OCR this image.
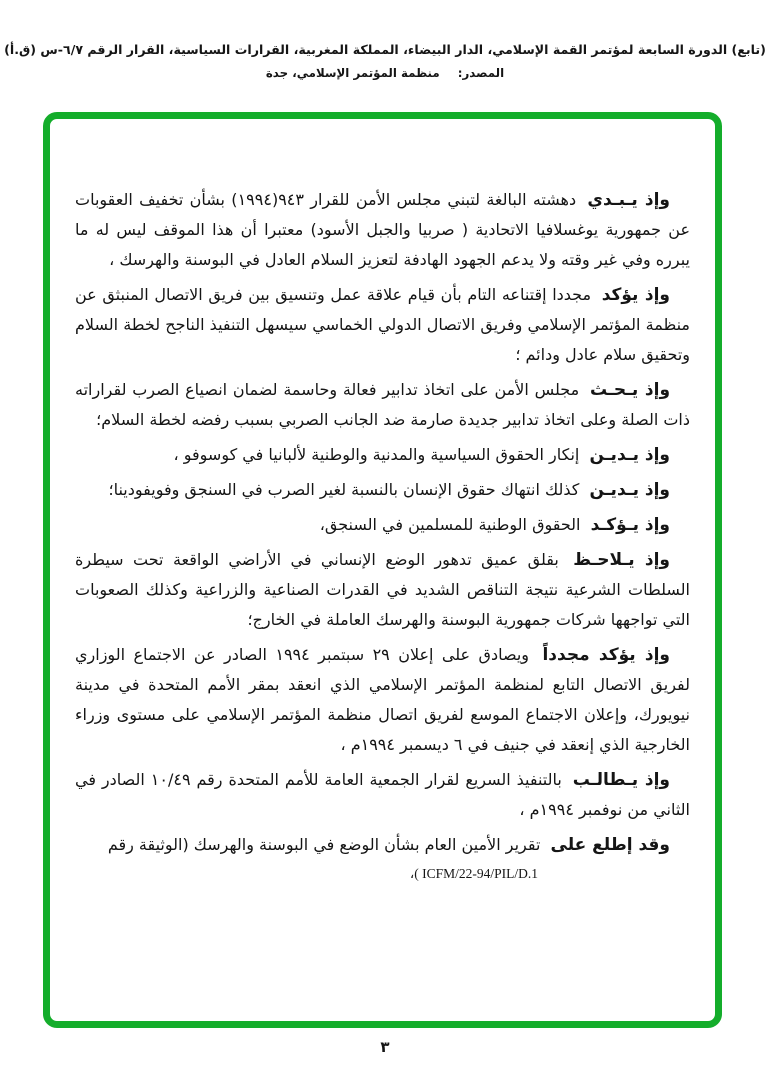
(تابع) الدورة السابعة لمؤتمر القمة الإسلامي، الدار البيضاء، المملكة المغربية، القرارات السياسية، القرار الرقم ٦/٧-س (ق.أ)
المصدر: منظمة المؤتمر الإسلامي، جدة

وإذ يـبـدي دهشته البالغة لتبني مجلس الأمن للقرار ٩٤٣(١٩٩٤) بشأن تخفيف العقوبات عن جمهورية يوغسلافيا الاتحادية ( صربيا والجبل الأسود) معتبرا أن هذا الموقف ليس له ما يبرره وفي غير وقته ولا يدعم الجهود الهادفة لتعزيز السلام العادل في البوسنة والهرسك ،

وإذ يؤكد مجددا إقتناعه التام بأن قيام علاقة عمل وتنسيق بين فريق الاتصال المنبثق عن منظمة المؤتمر الإسلامي وفريق الاتصال الدولي الخماسي سيسهل التنفيذ الناجح لخطة السلام وتحقيق سلام عادل ودائم ؛

وإذ يـحـث مجلس الأمن على اتخاذ تدابير فعالة وحاسمة لضمان انصياع الصرب لقراراته ذات الصلة وعلى اتخاذ تدابير جديدة صارمة ضد الجانب الصربي بسبب رفضه لخطة السلام؛

وإذ يـديـن إنكار الحقوق السياسية والمدنية والوطنية لألبانيا في كوسوفو ،

وإذ يـديـن كذلك انتهاك حقوق الإنسان بالنسبة لغير الصرب في السنجق وفويفودينا؛

وإذ يـؤكـد الحقوق الوطنية للمسلمين في السنجق،

وإذ يـلاحـظ بقلق عميق تدهور الوضع الإنساني في الأراضي الواقعة تحت سيطرة السلطات الشرعية نتيجة التناقص الشديد في القدرات الصناعية والزراعية وكذلك الصعوبات التي تواجهها شركات جمهورية البوسنة والهرسك العاملة في الخارج؛

وإذ يؤكد مجدداً ويصادق على إعلان ٢٩ سبتمبر ١٩٩٤ الصادر عن الاجتماع الوزاري لفريق الاتصال التابع لمنظمة المؤتمر الإسلامي الذي انعقد بمقر الأمم المتحدة في مدينة نيويورك، وإعلان الاجتماع الموسع لفريق اتصال منظمة المؤتمر الإسلامي على مستوى وزراء الخارجية الذي إنعقد في جنيف في ٦ ديسمبر ١٩٩٤م ،

وإذ يـطالـب بالتنفيذ السريع لقرار الجمعية العامة للأمم المتحدة رقم ١٠/٤٩ الصادر في الثاني من نوفمبر ١٩٩٤م ،

وقد إطلع على تقرير الأمين العام بشأن الوضع في البوسنة والهرسك (الوثيقة رقم

ICFM/22-94/PIL/D.1 )،
٣
